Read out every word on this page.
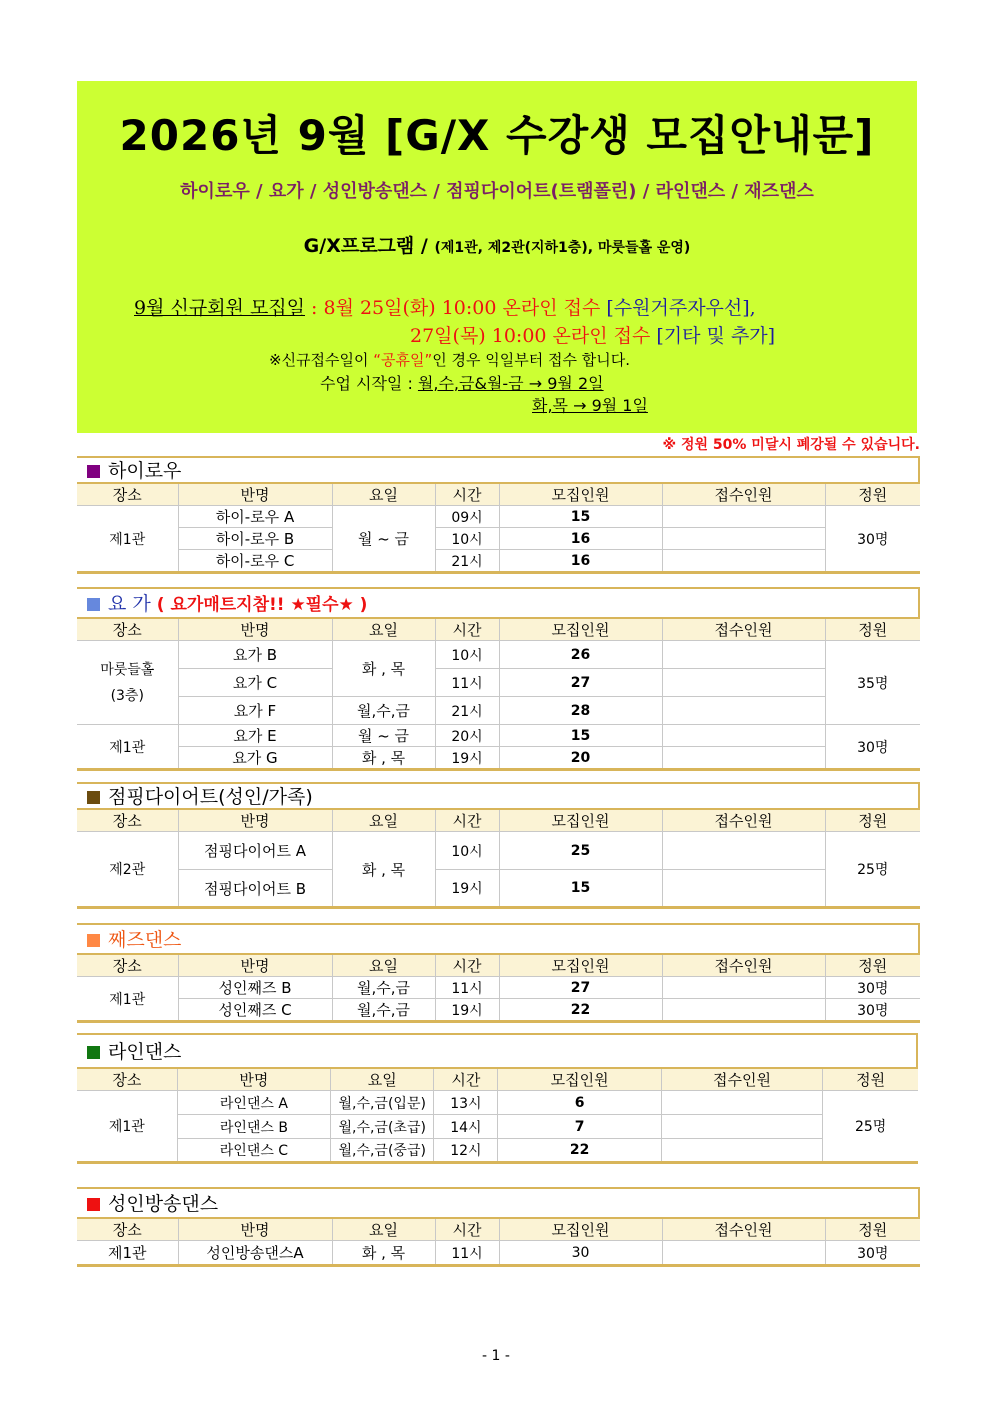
2026년 9월 [G/X 수강생 모집안내문]
하이로우 / 요가 / 성인방송댄스 / 점핑다이어트(트램폴린) / 라인댄스 / 재즈댄스
G/X프로그램 / (제1관, 제2관(지하1층), 마룻들홀 운영)
9월 신규회원 모집일 : 8월 25일(화) 10:00 온라인 접수 [수원거주자우선],
27일(목) 10:00 온라인 접수 [기타 및 추가]
※신규접수일이 “공휴일”인 경우 익일부터 접수 합니다.
수업 시작일 : 월,수,금&월-금 → 9월 2일
화,목 → 9월 1일
※ 정원 50% 미달시 폐강될 수 있습니다.
하이로우
장소	반명	요일	시간	모집인원	접수인원	정원
제1관	하이-로우 A	월 ~ 금	09시	15		30명
	하이-로우 B		10시	16		
	하이-로우 C		21시	16		
요 가 ( 요가매트지참!! ★필수★ )
장소	반명	요일	시간	모집인원	접수인원	정원
마룻들홀
(3층)	요가 B	화 , 목	10시	26		35명
	요가 C		11시	27		
	요가 F	월,수,금	21시	28		
제1관	요가 E	월 ~ 금	20시	15		30명
	요가 G	화 , 목	19시	20		
점핑다이어트(성인/가족)
장소	반명	요일	시간	모집인원	접수인원	정원
제2관	점핑다이어트 A	화 , 목	10시	25		25명
	점핑다이어트 B		19시	15		
째즈댄스
장소	반명	요일	시간	모집인원	접수인원	정원
제1관	성인째즈 B	월,수,금	11시	27		30명
	성인째즈 C	월,수,금	19시	22		30명
라인댄스
장소	반명	요일	시간	모집인원	접수인원	정원
제1관	라인댄스 A	월,수,금(입문)	13시	6		25명
	라인댄스 B	월,수,금(초급)	14시	7		
	라인댄스 C	월,수,금(중급)	12시	22		
성인방송댄스
장소	반명	요일	시간	모집인원	접수인원	정원
제1관	성인방송댄스A	화 , 목	11시	30		30명
- 1 -
